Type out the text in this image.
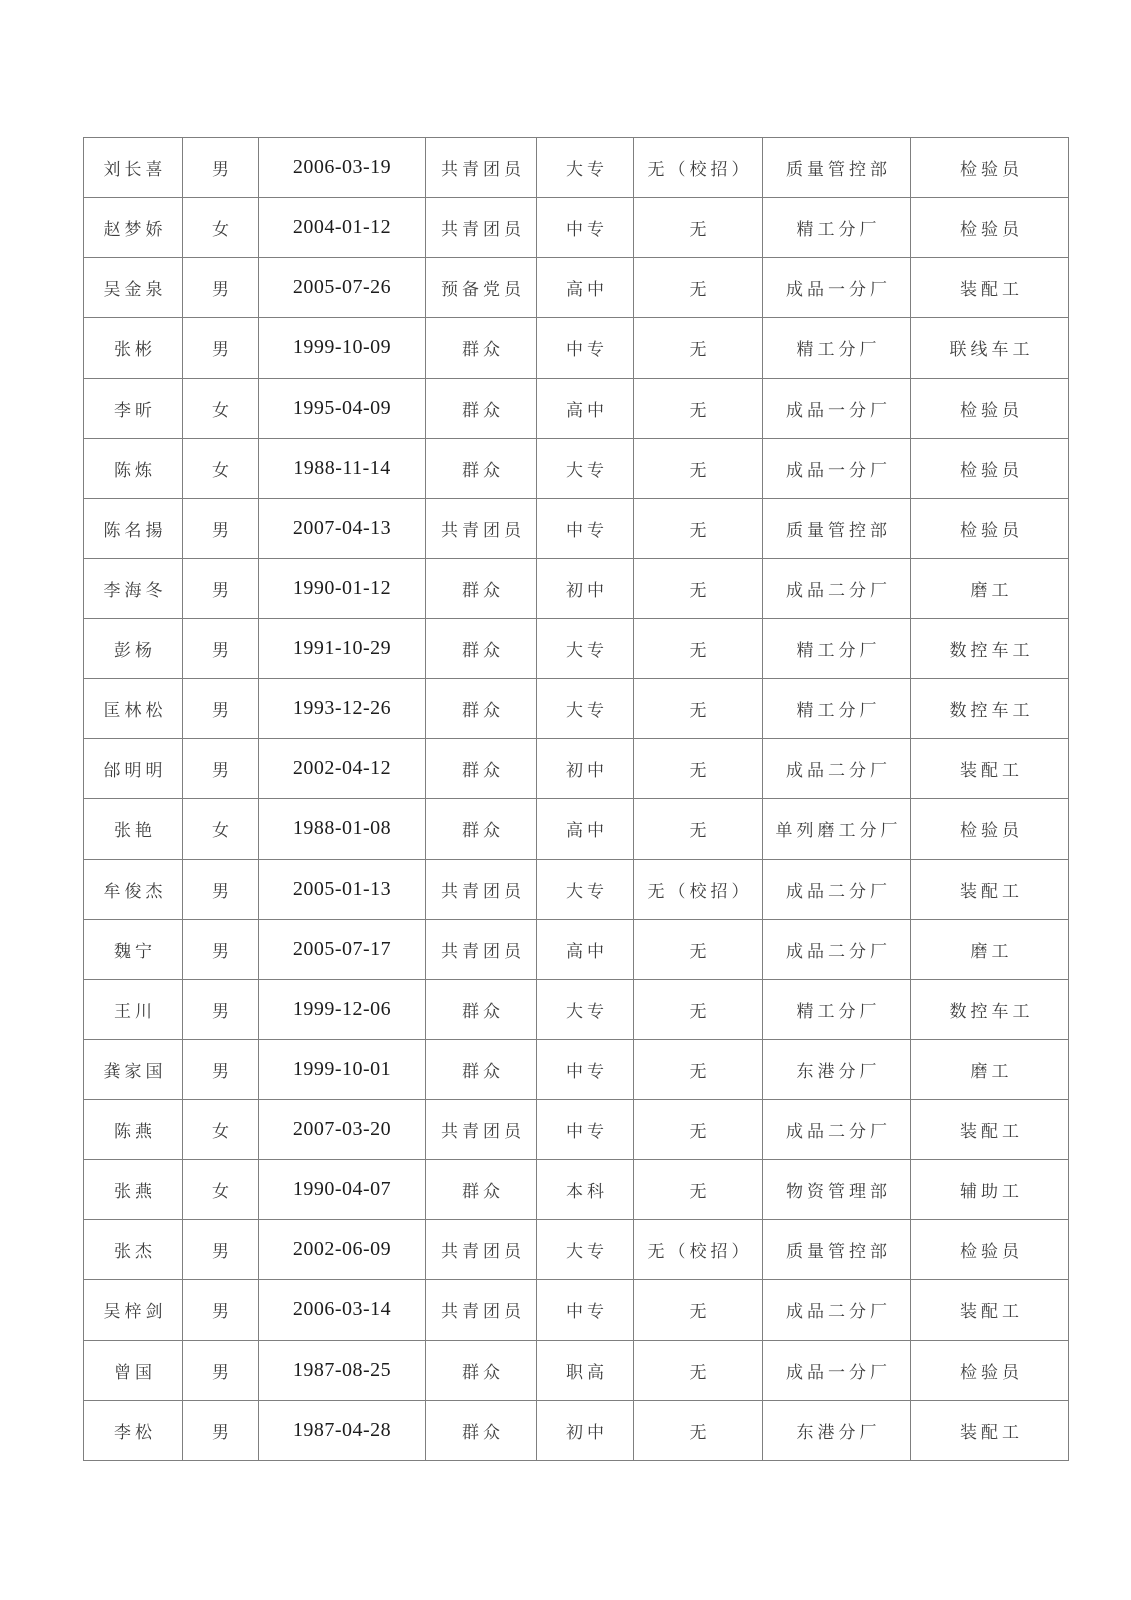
刘长喜	男	2006-03-19	共青团员	大专	无（校招）	质量管控部	检验员
赵梦娇	女	2004-01-12	共青团员	中专	无	精工分厂	检验员
吴金泉	男	2005-07-26	预备党员	高中	无	成品一分厂	装配工
张彬	男	1999-10-09	群众	中专	无	精工分厂	联线车工
李昕	女	1995-04-09	群众	高中	无	成品一分厂	检验员
陈炼	女	1988-11-14	群众	大专	无	成品一分厂	检验员
陈名揚	男	2007-04-13	共青团员	中专	无	质量管控部	检验员
李海冬	男	1990-01-12	群众	初中	无	成品二分厂	磨工
彭杨	男	1991-10-29	群众	大专	无	精工分厂	数控车工
匡林松	男	1993-12-26	群众	大专	无	精工分厂	数控车工
邰明明	男	2002-04-12	群众	初中	无	成品二分厂	装配工
张艳	女	1988-01-08	群众	高中	无	单列磨工分厂	检验员
牟俊杰	男	2005-01-13	共青团员	大专	无（校招）	成品二分厂	装配工
魏宁	男	2005-07-17	共青团员	高中	无	成品二分厂	磨工
王川	男	1999-12-06	群众	大专	无	精工分厂	数控车工
龚家国	男	1999-10-01	群众	中专	无	东港分厂	磨工
陈燕	女	2007-03-20	共青团员	中专	无	成品二分厂	装配工
张燕	女	1990-04-07	群众	本科	无	物资管理部	辅助工
张杰	男	2002-06-09	共青团员	大专	无（校招）	质量管控部	检验员
吴梓剑	男	2006-03-14	共青团员	中专	无	成品二分厂	装配工
曾国	男	1987-08-25	群众	职高	无	成品一分厂	检验员
李松	男	1987-04-28	群众	初中	无	东港分厂	装配工
